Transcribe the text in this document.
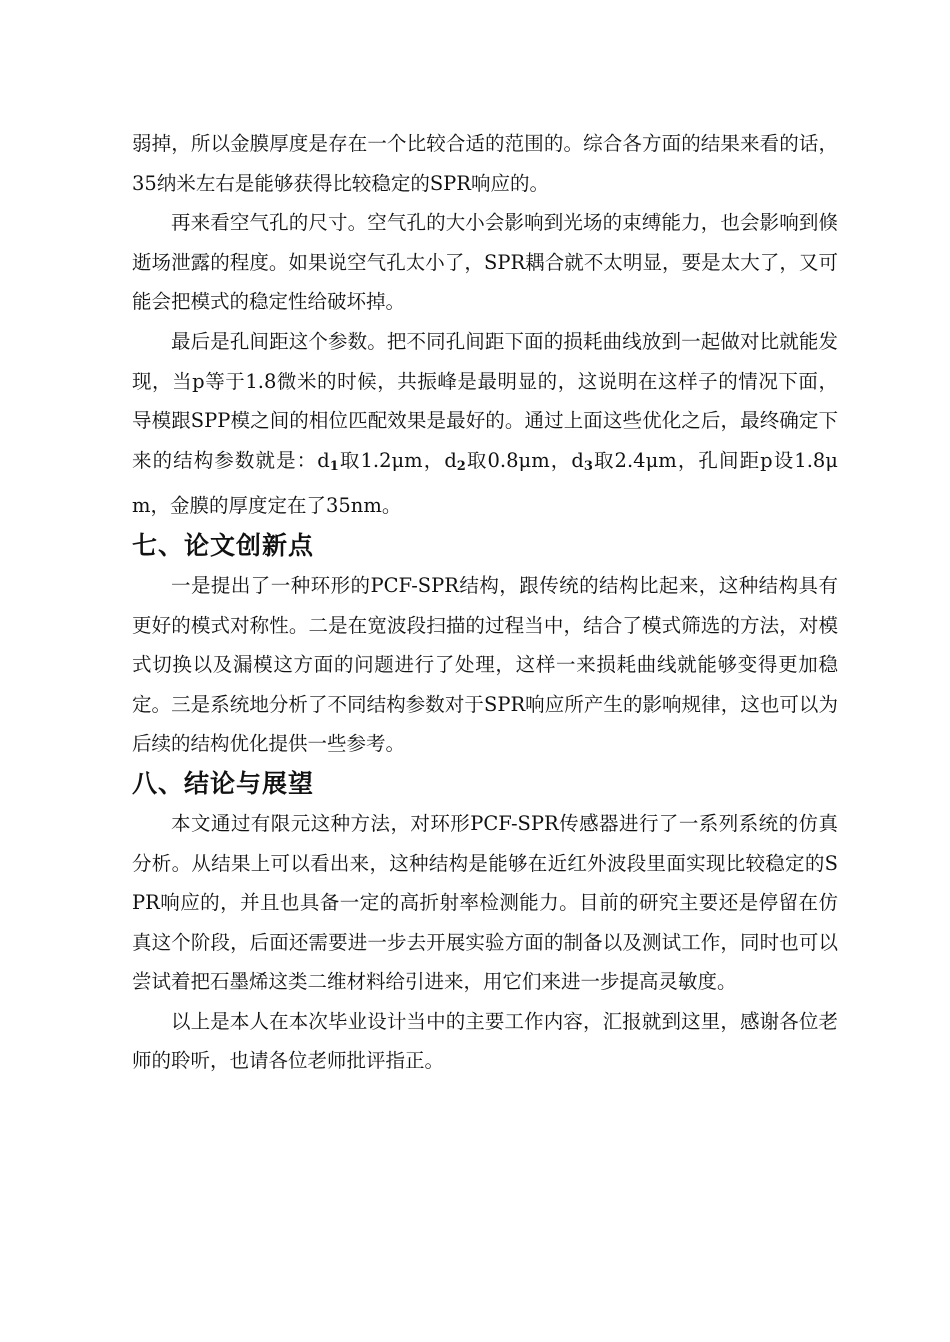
弱掉，所以金膜厚度是存在一个比较合适的范围的。综合各方面的结果来看的话，35纳米左右是能够获得比较稳定的SPR响应的。

再来看空气孔的尺寸。空气孔的大小会影响到光场的束缚能力，也会影响到倏逝场泄露的程度。如果说空气孔太小了，SPR耦合就不太明显，要是太大了，又可能会把模式的稳定性给破坏掉。

最后是孔间距这个参数。把不同孔间距下面的损耗曲线放到一起做对比就能发现，当p等于1.8微米的时候，共振峰是最明显的，这说明在这样子的情况下面，导模跟SPP模之间的相位匹配效果是最好的。通过上面这些优化之后，最终确定下来的结构参数就是：$d_1$取1.2μm，$d_2$取0.8μm，$d_3$取2.4μm，孔间距p设1.8μm，金膜的厚度定在了35nm。

七、论文创新点

一是提出了一种环形的PCF-SPR结构，跟传统的结构比起来，这种结构具有更好的模式对称性。二是在宽波段扫描的过程当中，结合了模式筛选的方法，对模式切换以及漏模这方面的问题进行了处理，这样一来损耗曲线就能够变得更加稳定。三是系统地分析了不同结构参数对于SPR响应所产生的影响规律，这也可以为后续的结构优化提供一些参考。

八、结论与展望

本文通过有限元这种方法，对环形PCF-SPR传感器进行了一系列系统的仿真分析。从结果上可以看出来，这种结构是能够在近红外波段里面实现比较稳定的SPR响应的，并且也具备一定的高折射率检测能力。目前的研究主要还是停留在仿真这个阶段，后面还需要进一步去开展实验方面的制备以及测试工作，同时也可以尝试着把石墨烯这类二维材料给引进来，用它们来进一步提高灵敏度。

以上是本人在本次毕业设计当中的主要工作内容，汇报就到这里，感谢各位老师的聆听，也请各位老师批评指正。
